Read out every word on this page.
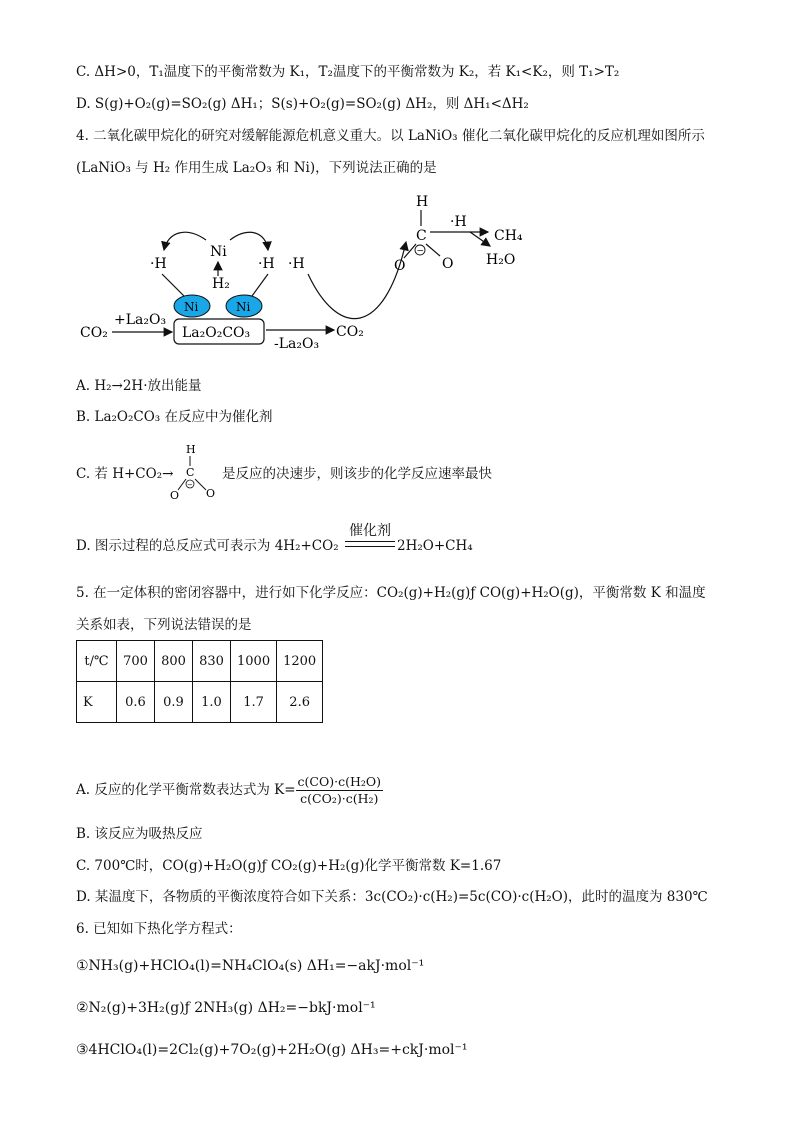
C. ΔH>0，T₁温度下的平衡常数为 K₁，T₂温度下的平衡常数为 K₂，若 K₁<K₂，则 T₁>T₂
D. S(g)+O₂(g)=SO₂(g) ΔH₁；S(s)+O₂(g)=SO₂(g) ΔH₂，则 ΔH₁<ΔH₂
4. 二氧化碳甲烷化的研究对缓解能源危机意义重大。以 LaNiO₃ 催化二氧化碳甲烷化的反应机理如图所示
(LaNiO₃ 与 H₂ 作用生成 La₂O₃ 和 Ni)，下列说法正确的是
Ni
H₂
·H	·H ·H
Ni	Ni
La₂O₂CO₃
CO₂
+La₂O₃
-La₂O₃
CO₂
H
C
−
O	O
·H
CH₄
H₂O
A. H₂→2H·放出能量
B. La₂O₂CO₃ 在反应中为催化剂
C. 若 H+CO₂→
H
C
−
O O
是反应的决速步，则该步的化学反应速率最快
D. 图示过程的总反应式可表示为 4H₂+CO₂
催化剂
2H₂O+CH₄
5. 在一定体积的密闭容器中，进行如下化学反应：CO₂(g)+H₂(g)ƒ CO(g)+H₂O(g)，平衡常数 K 和温度
关系如表，下列说法错误的是
t/℃	700	800	830	1000	1200
K	0.6	0.9	1.0	1.7	2.6
A. 反应的化学平衡常数表达式为 $K= \frac{\text{c(CO)·c(H₂O)}}{\text{c(CO₂)·c(H₂)}}$
B. 该反应为吸热反应
C. 700℃时，CO(g)+H₂O(g)ƒ CO₂(g)+H₂(g)化学平衡常数 K=1.67
D. 某温度下，各物质的平衡浓度符合如下关系：3c(CO₂)·c(H₂)=5c(CO)·c(H₂O)，此时的温度为 830℃
6. 已知如下热化学方程式：
①NH₃(g)+HClO₄(l)=NH₄ClO₄(s) ΔH₁=−akJ·mol⁻¹
②N₂(g)+3H₂(g)ƒ 2NH₃(g) ΔH₂=−bkJ·mol⁻¹
③4HClO₄(l)=2Cl₂(g)+7O₂(g)+2H₂O(g) ΔH₃=+ckJ·mol⁻¹
